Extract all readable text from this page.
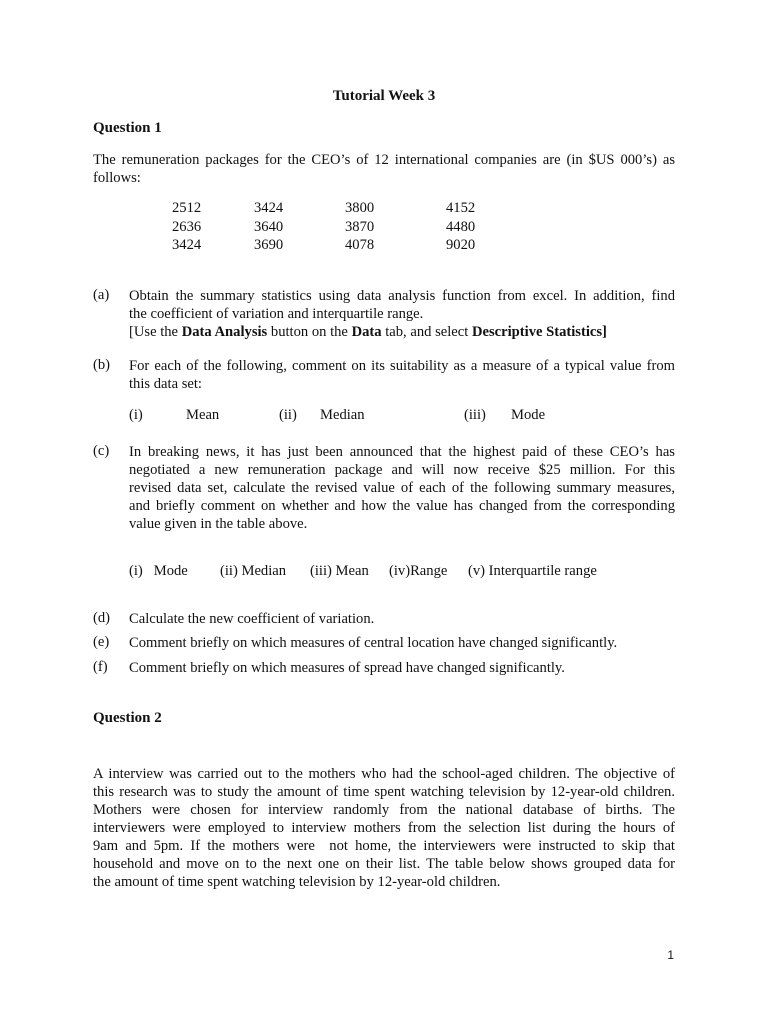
Tutorial Week 3
Question 1
The remuneration packages for the CEO’s of 12 international companies are (in $US 000’s) as
follows:
2512	3424	3800	4152
2636	3640	3870	4480
3424	3690	4078	9020
(a) Obtain the summary statistics using data analysis function from excel. In addition, find
the coefficient of variation and interquartile range.
[Use the Data Analysis button on the Data tab, and select Descriptive Statistics]
(b) For each of the following, comment on its suitability as a measure of a typical value from
this data set:
(i)	Mean	(ii) Median	(iii) Mode
(c) In breaking news, it has just been announced that the highest paid of these CEO’s has
negotiated a new remuneration package and will now receive $25 million. For this
revised data set, calculate the revised value of each of the following summary measures,
and briefly comment on whether and how the value has changed from the corresponding
value given in the table above.
(i)   Mode (ii) Median (iii) Mean (iv)Range (v) Interquartile range
(d) Calculate the new coefficient of variation.
(e) Comment briefly on which measures of central location have changed significantly.
(f) Comment briefly on which measures of spread have changed significantly.
Question 2
A interview was carried out to the mothers who had the school-aged children. The objective of
this research was to study the amount of time spent watching television by 12-year-old children.
Mothers were chosen for interview randomly from the national database of births. The
interviewers were employed to interview mothers from the selection list during the hours of
9am and 5pm. If the mothers were  not home, the interviewers were instructed to skip that
household and move on to the next one on their list. The table below shows grouped data for
the amount of time spent watching television by 12-year-old children.
1
